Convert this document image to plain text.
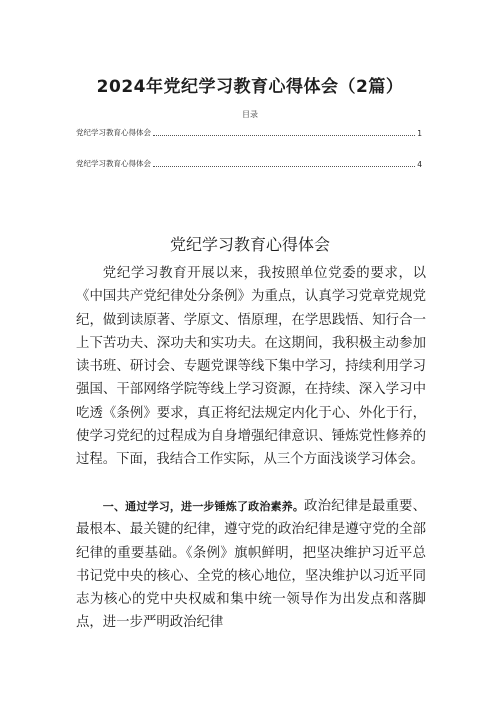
2024年党纪学习教育心得体会（2篇）
目录
党纪学习教育心得体会	1
党纪学习教育心得体会	4
党纪学习教育心得体会

党纪学习教育开展以来，我按照单位党委的要求，以《中国共产党纪律处分条例》为重点，认真学习党章党规党纪，做到读原著、学原文、悟原理，在学思践悟、知行合一上下苦功夫、深功夫和实功夫。在这期间，我积极主动参加读书班、研讨会、专题党课等线下集中学习，持续利用学习强国、干部网络学院等线上学习资源，在持续、深入学习中吃透《条例》要求，真正将纪法规定内化于心、外化于行，使学习党纪的过程成为自身增强纪律意识、锤炼党性修养的过程。下面，我结合工作实际，从三个方面浅谈学习体会。

一、通过学习，进一步锤炼了政治素养。政治纪律是最重要、最根本、最关键的纪律，遵守党的政治纪律是遵守党的全部纪律的重要基础。《条例》旗帜鲜明，把坚决维护习近平总书记党中央的核心、全党的核心地位，坚决维护以习近平同志为核心的党中央权威和集中统一领导作为出发点和落脚点，进一步严明政治纪律
